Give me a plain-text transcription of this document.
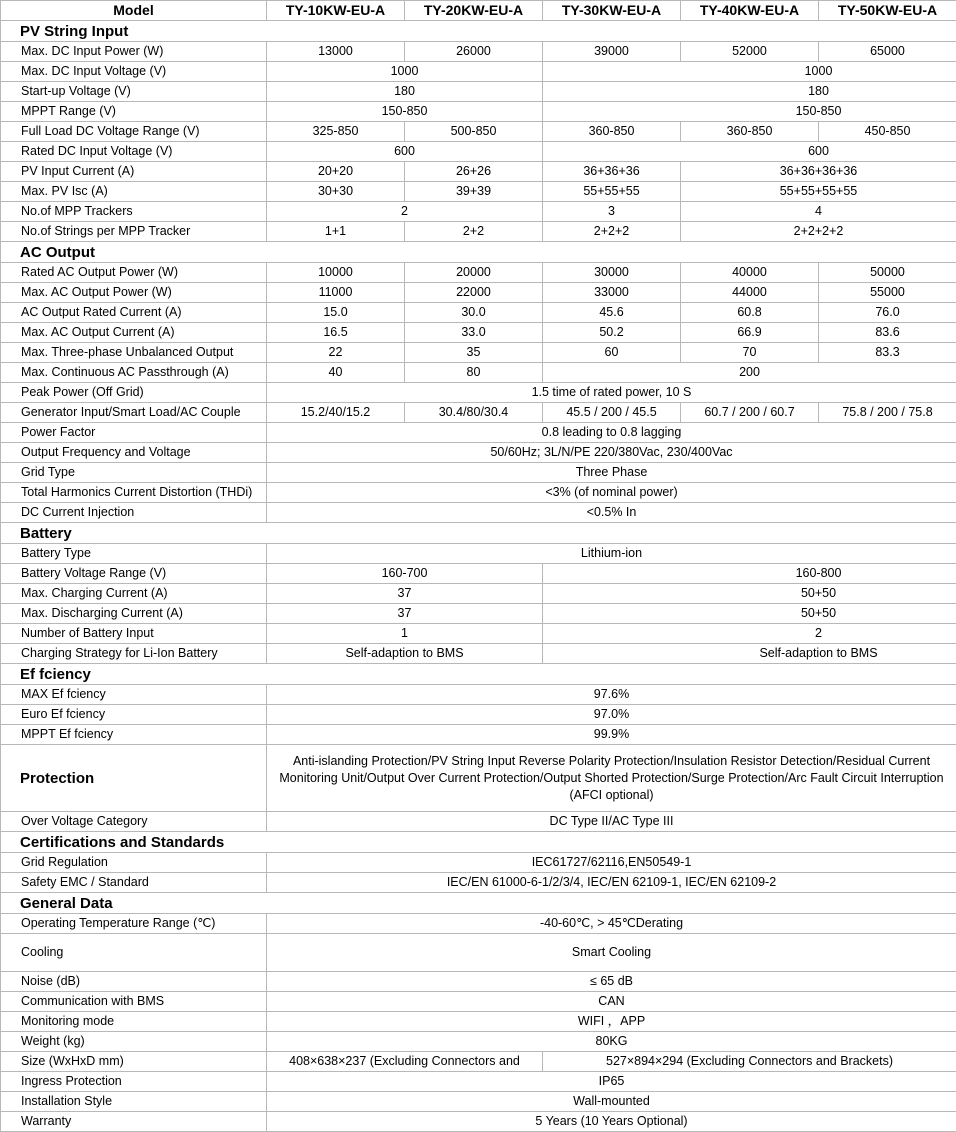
Model	TY-10KW-EU-A	TY-20KW-EU-A	TY-30KW-EU-A	TY-40KW-EU-A	TY-50KW-EU-A
PV String Input					
Max. DC Input Power (W)	13000	26000	39000	52000	65000
Max. DC Input Voltage (V)	1000		1000		
Start-up Voltage (V)	180		180		
MPPT Range (V)	150-850		150-850		
Full Load DC Voltage Range (V)	325-850	500-850	360-850	360-850	450-850
Rated DC Input Voltage (V)	600		600		
PV Input Current (A)	20+20	26+26	36+36+36	36+36+36+36	
Max. PV Isc (A)	30+30	39+39	55+55+55	55+55+55+55	
No.of MPP Trackers	2		3	4	
No.of Strings per MPP Tracker	1+1	2+2	2+2+2	2+2+2+2	
AC Output					
Rated AC Output Power (W)	10000	20000	30000	40000	50000
Max. AC Output Power (W)	11000	22000	33000	44000	55000
AC Output Rated Current (A)	15.0	30.0	45.6	60.8	76.0
Max. AC Output Current (A)	16.5	33.0	50.2	66.9	83.6
Max. Three-phase Unbalanced Output	22	35	60	70	83.3
Max. Continuous AC Passthrough (A)	40	80	200		
Peak Power (Off Grid)	1.5 time of rated power, 10 S				
Generator Input/Smart Load/AC Couple	15.2/40/15.2	30.4/80/30.4	45.5 / 200 / 45.5	60.7 / 200 / 60.7	75.8 / 200 / 75.8
Power Factor	0.8 leading to 0.8 lagging				
Output Frequency and Voltage	50/60Hz; 3L/N/PE 220/380Vac, 230/400Vac				
Grid Type	Three Phase				
Total Harmonics Current Distortion (THDi)	<3% (of nominal power)				
DC Current Injection	<0.5% In				
Battery					
Battery Type	Lithium-ion				
Battery Voltage Range (V)	160-700		160-800		
Max. Charging Current (A)	37		50+50		
Max. Discharging Current (A)	37		50+50		
Number of Battery Input	1		2		
Charging Strategy for Li-Ion Battery	Self-adaption to BMS		Self-adaption to BMS		
Ef fciency					
MAX Ef fciency	97.6%				
Euro Ef fciency	97.0%				
MPPT Ef fciency	99.9%				
Protection	Anti-islanding Protection/PV String Input Reverse Polarity Protection/Insulation Resistor Detection/Residual Current Monitoring Unit/Output Over Current Protection/Output Shorted Protection/Surge Protection/Arc Fault Circuit Interruption (AFCI optional)				
Over Voltage Category	DC Type II/AC Type III				
Certifications and Standards					
Grid Regulation	IEC61727/62116,EN50549-1				
Safety EMC / Standard	IEC/EN 61000-6-1/2/3/4, IEC/EN 62109-1, IEC/EN 62109-2				
General Data					
Operating Temperature Range (℃)	-40-60℃, > 45℃Derating				
Cooling	Smart Cooling				
Noise (dB)	≤ 65 dB				
Communication with BMS	CAN				
Monitoring mode	WIFI ，APP				
Weight (kg)	80KG				
Size (WxHxD mm)	408×638×237 (Excluding Connectors and		527×894×294 (Excluding Connectors and Brackets)		
Ingress Protection	IP65				
Installation Style	Wall-mounted				
Warranty	5 Years (10 Years Optional)				
